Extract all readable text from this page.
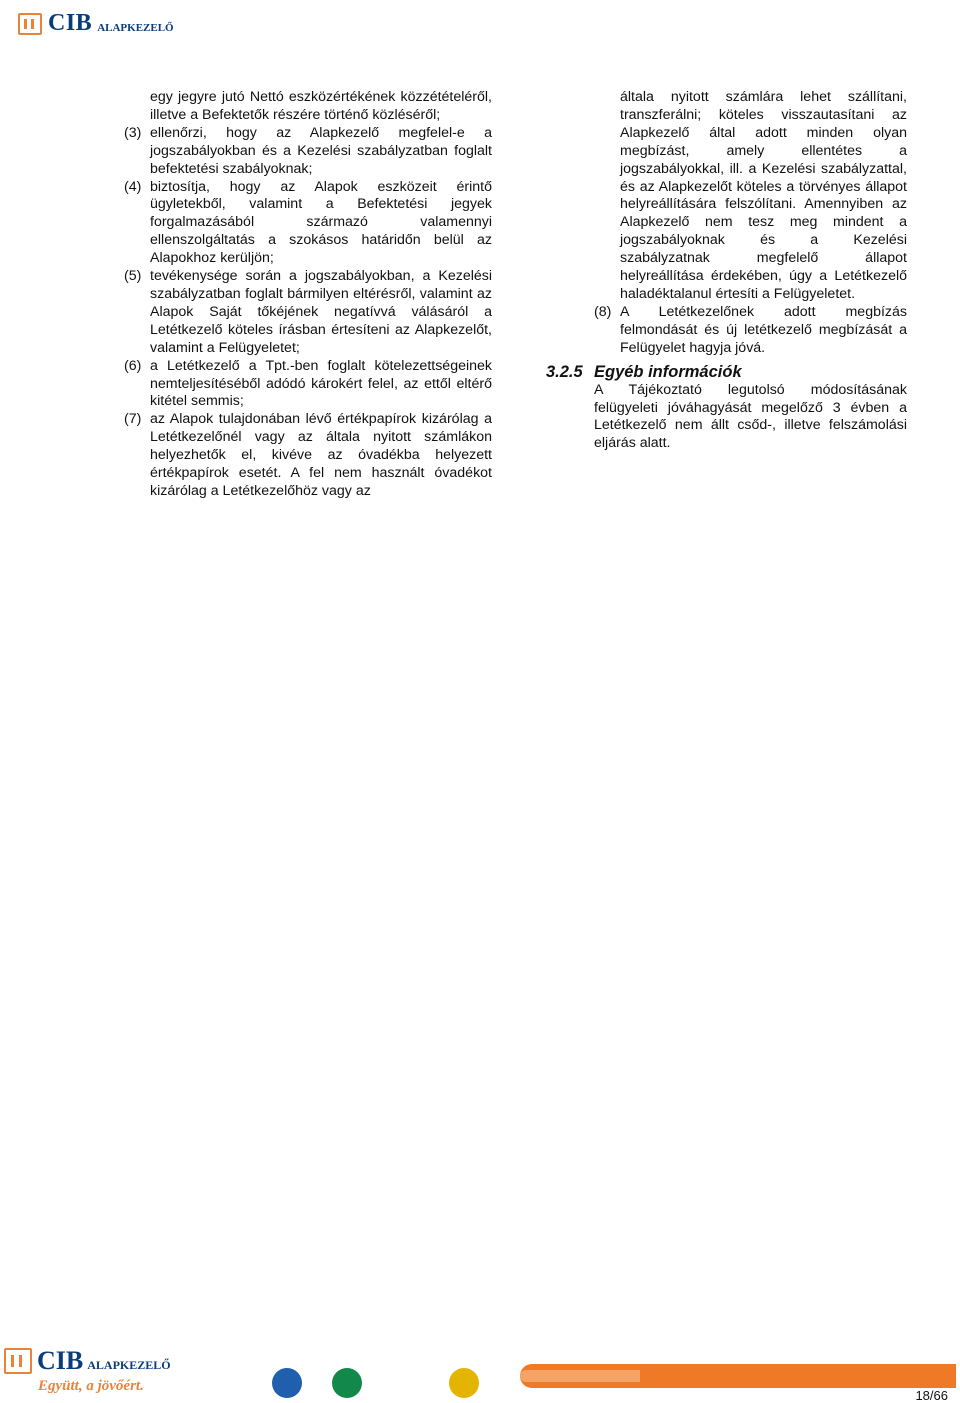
CIB ALAPKEZELŐ
egy jegyre jutó Nettó eszközértékének közzétételéről, illetve a Befektetők részére történő közléséről;
(3) ellenőrzi, hogy az Alapkezelő megfelel-e a jogszabályokban és a Kezelési szabályzatban foglalt befektetési szabályoknak;
(4) biztosítja, hogy az Alapok eszközeit érintő ügyletekből, valamint a Befektetési jegyek forgalmazásából származó valamennyi ellenszolgáltatás a szokásos határidőn belül az Alapokhoz kerüljön;
(5) tevékenysége során a jogszabályokban, a Kezelési szabályzatban foglalt bármilyen eltérésről, valamint az Alapok Saját tőkéjének negatívvá válásáról a Letétkezelő köteles írásban értesíteni az Alapkezelőt, valamint a Felügyeletet;
(6) a Letétkezelő a Tpt.-ben foglalt kötelezettségeinek nemteljesítéséből adódó károkért felel, az ettől eltérő kitétel semmis;
(7) az Alapok tulajdonában lévő értékpapírok kizárólag a Letétkezelőnél vagy az általa nyitott számlákon helyezhetők el, kivéve az óvadékba helyezett értékpapírok esetét. A fel nem használt óvadékot kizárólag a Letétkezelőhöz vagy az
általa nyitott számlára lehet szállítani, transzferálni; köteles visszautasítani az Alapkezelő által adott minden olyan megbízást, amely ellentétes a jogszabályokkal, ill. a Kezelési szabályzattal, és az Alapkezelőt köteles a törvényes állapot helyreállítására felszólítani. Amennyiben az Alapkezelő nem tesz meg mindent a jogszabályoknak és a Kezelési szabályzatnak megfelelő állapot helyreállítása érdekében, úgy a Letétkezelő haladéktalanul értesíti a Felügyeletet.
(8) A Letétkezelőnek adott megbízás felmondását és új letétkezelő megbízását a Felügyelet hagyja jóvá.
3.2.5 Egyéb információk
A Tájékoztató legutolsó módosításának felügyeleti jóváhagyását megelőző 3 évben a Letétkezelő nem állt csőd-, illetve felszámolási eljárás alatt.
CIB ALAPKEZELŐ
Együtt, a jövőért.
18/66
